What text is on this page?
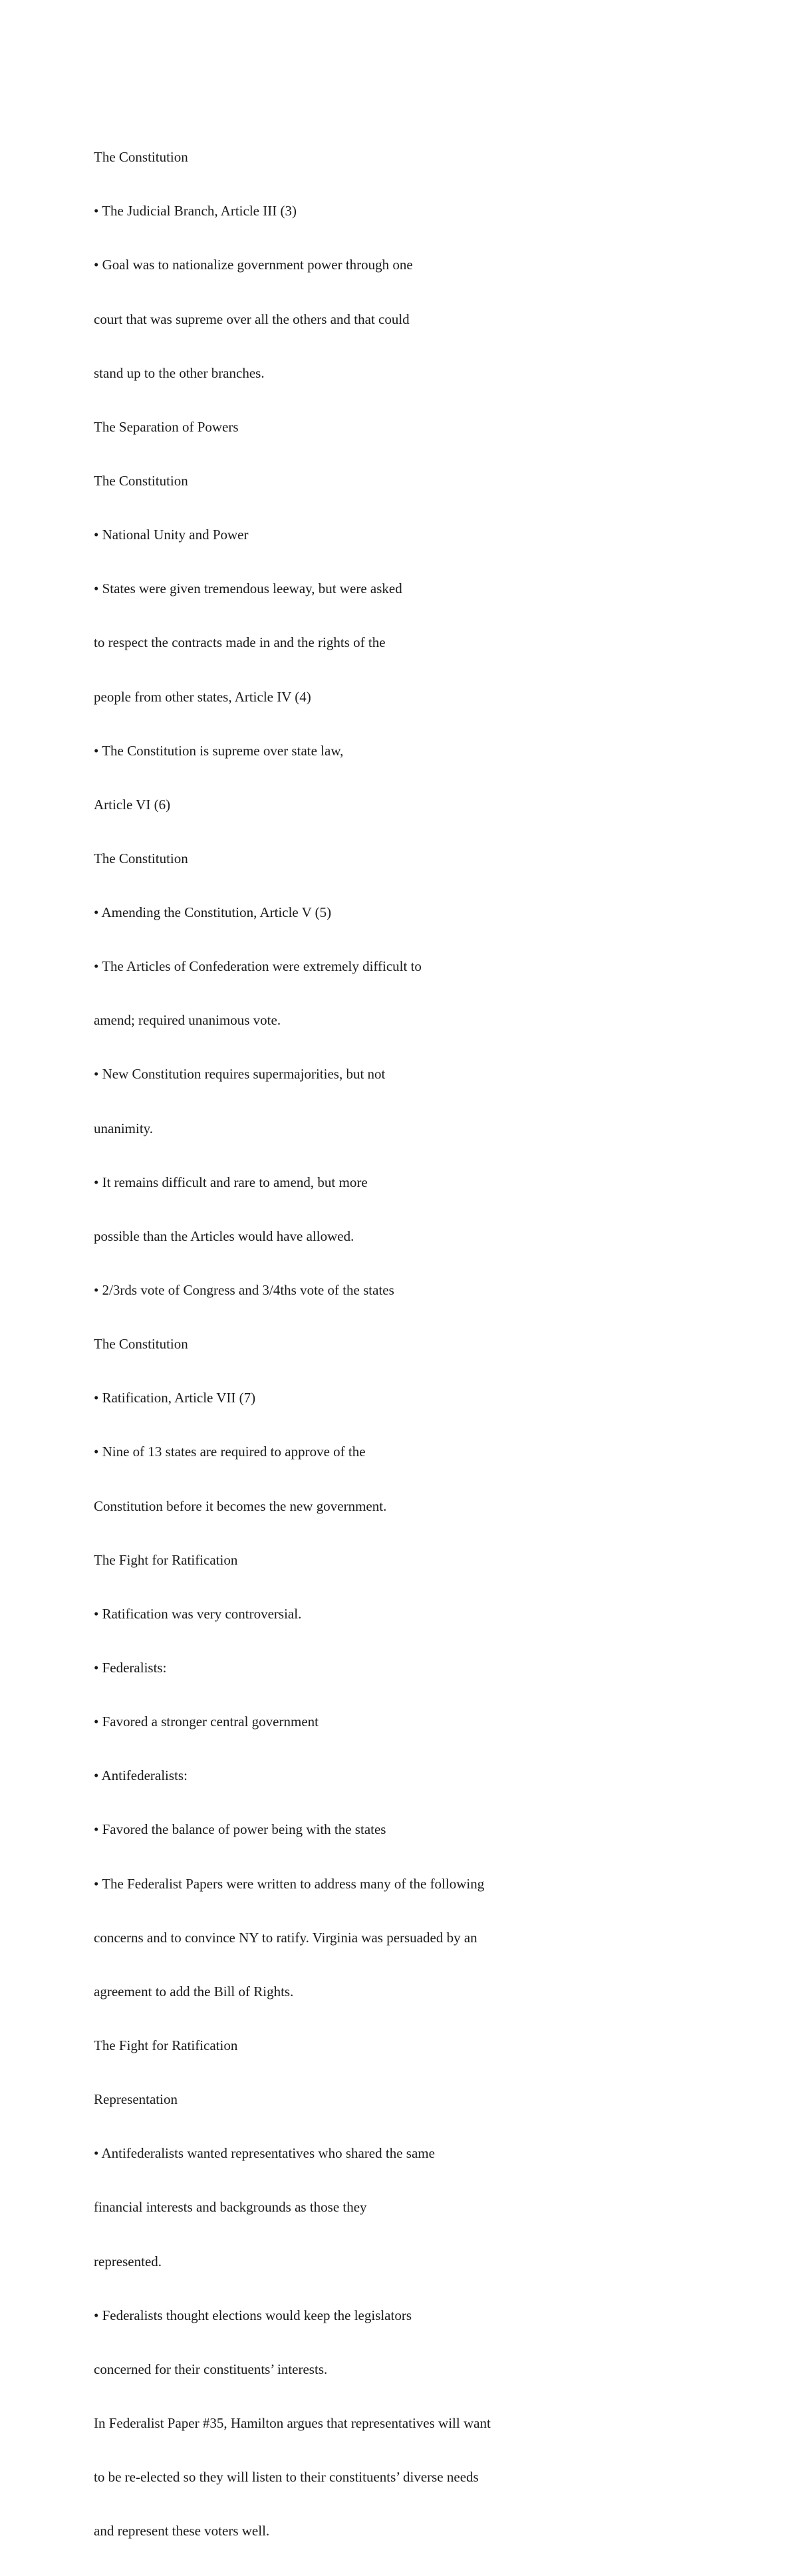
The Constitution

• The Judicial Branch, Article III (3)

• Goal was to nationalize government power through one

court that was supreme over all the others and that could

stand up to the other branches.

The Separation of Powers

The Constitution

• National Unity and Power

• States were given tremendous leeway, but were asked

to respect the contracts made in and the rights of the

people from other states, Article IV (4)

• The Constitution is supreme over state law,

Article VI (6)

The Constitution

• Amending the Constitution, Article V (5)

• The Articles of Confederation were extremely difficult to

amend; required unanimous vote.

• New Constitution requires supermajorities, but not

unanimity.

• It remains difficult and rare to amend, but more

possible than the Articles would have allowed.

• 2/3rds vote of Congress and 3/4ths vote of the states

The Constitution

• Ratification, Article VII (7)

• Nine of 13 states are required to approve of the

Constitution before it becomes the new government.

The Fight for Ratification

• Ratification was very controversial.

• Federalists:

• Favored a stronger central government

• Antifederalists:

• Favored the balance of power being with the states

• The Federalist Papers were written to address many of the following

concerns and to convince NY to ratify. Virginia was persuaded by an

agreement to add the Bill of Rights.

The Fight for Ratification

Representation

• Antifederalists wanted representatives who shared the same

financial interests and backgrounds as those they

represented.

• Federalists thought elections would keep the legislators

concerned for their constituents’ interests.

In Federalist Paper #35, Hamilton argues that representatives will want

to be re-elected so they will listen to their constituents’ diverse needs

and represent these voters well.
